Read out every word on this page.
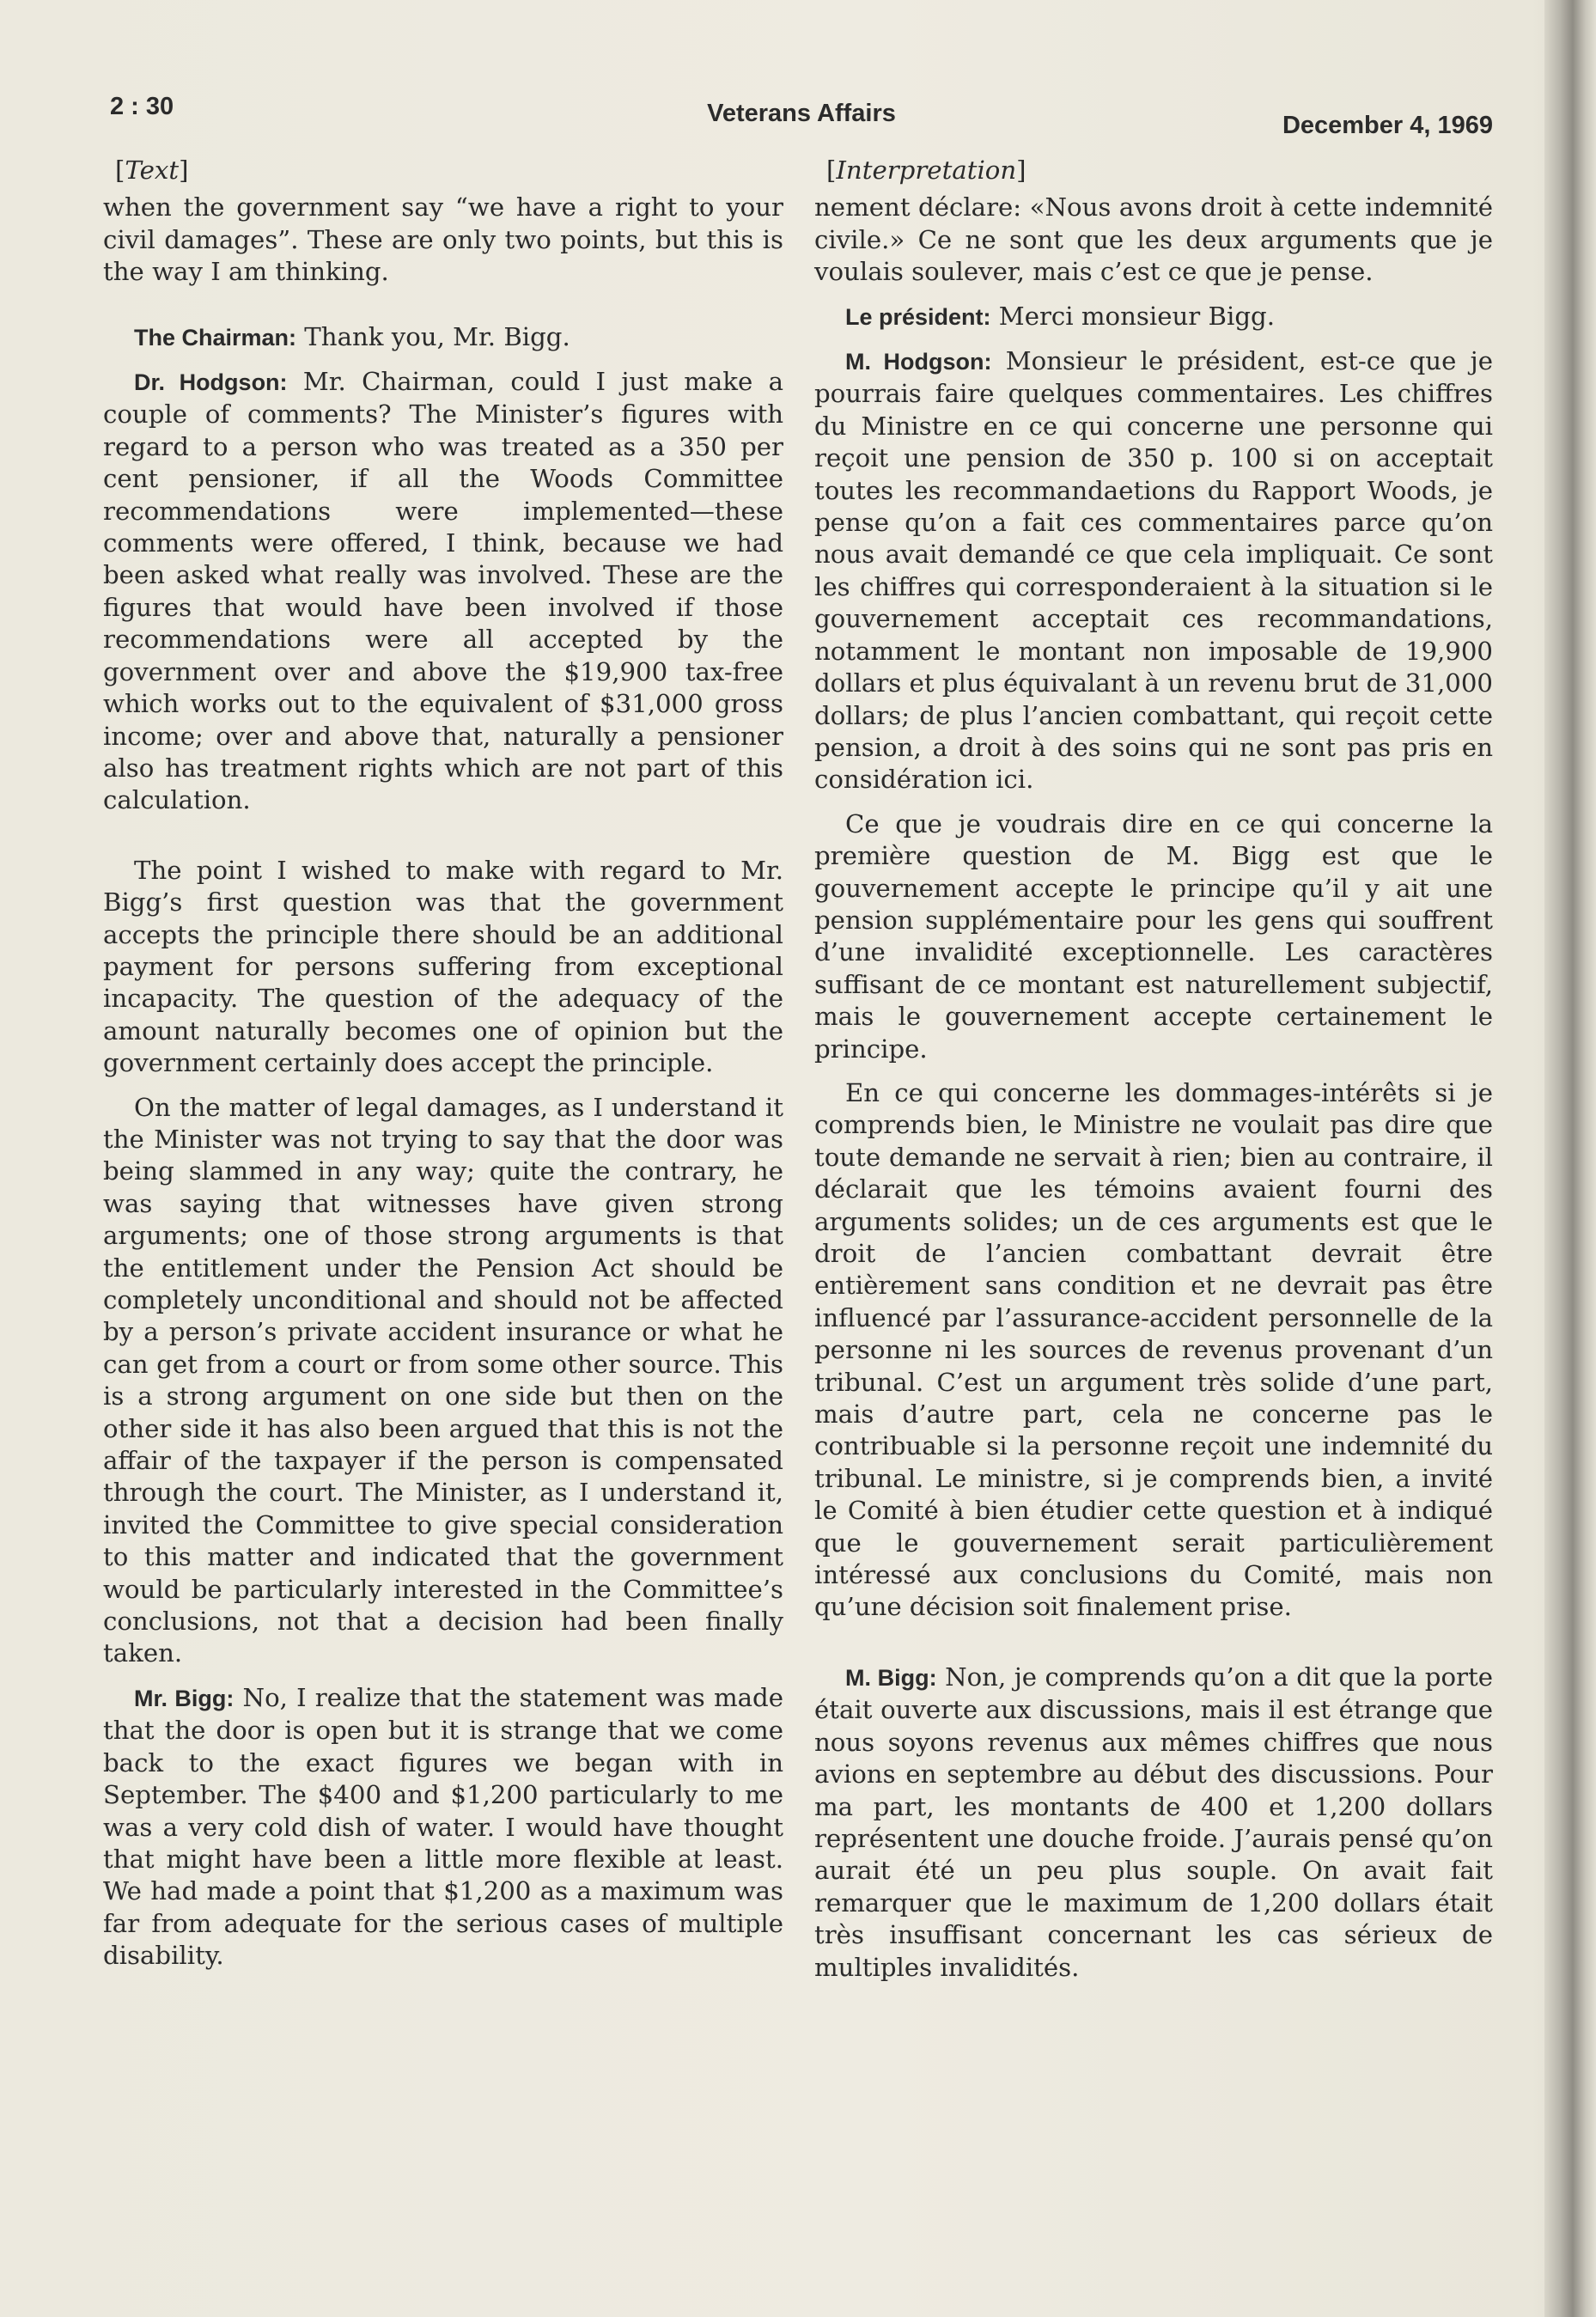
2 : 30	Veterans Affairs	December 4, 1969
[Text]

when the government say “we have a right to your civil damages”. These are only two points, but this is the way I am thinking.

The Chairman: Thank you, Mr. Bigg.

Dr. Hodgson: Mr. Chairman, could I just make a couple of comments? The Minister’s figures with regard to a person who was treated as a 350 per cent pensioner, if all the Woods Committee recommendations were implemented—these comments were offered, I think, because we had been asked what really was involved. These are the figures that would have been involved if those recommendations were all accepted by the government over and above the $19,900 tax-free which works out to the equivalent of $31,000 gross income; over and above that, naturally a pensioner also has treatment rights which are not part of this calculation.

The point I wished to make with regard to Mr. Bigg’s first question was that the government accepts the principle there should be an additional payment for persons suffering from exceptional incapacity. The question of the adequacy of the amount naturally becomes one of opinion but the government certainly does accept the principle.

On the matter of legal damages, as I understand it the Minister was not trying to say that the door was being slammed in any way; quite the contrary, he was saying that witnesses have given strong arguments; one of those strong arguments is that the entitlement under the Pension Act should be completely unconditional and should not be affected by a person’s private accident insurance or what he can get from a court or from some other source. This is a strong argument on one side but then on the other side it has also been argued that this is not the affair of the taxpayer if the person is compensated through the court. The Minister, as I understand it, invited the Committee to give special consideration to this matter and indicated that the government would be particularly interested in the Committee’s conclusions, not that a decision had been finally taken.

Mr. Bigg: No, I realize that the statement was made that the door is open but it is strange that we come back to the exact figures we began with in September. The $400 and $1,200 particularly to me was a very cold dish of water. I would have thought that might have been a little more flexible at least. We had made a point that $1,200 as a maximum was far from adequate for the serious cases of multiple disability.

[Interpretation]

nement déclare: «Nous avons droit à cette indemnité civile.» Ce ne sont que les deux arguments que je voulais soulever, mais c’est ce que je pense.

Le président: Merci monsieur Bigg.

M. Hodgson: Monsieur le président, est-ce que je pourrais faire quelques commentaires. Les chiffres du Ministre en ce qui concerne une personne qui reçoit une pension de 350 p. 100 si on acceptait toutes les recommandaetions du Rapport Woods, je pense qu’on a fait ces commentaires parce qu’on nous avait demandé ce que cela impliquait. Ce sont les chiffres qui corresponderaient à la situation si le gouvernement acceptait ces recommandations, notamment le montant non imposable de 19,900 dollars et plus équivalant à un revenu brut de 31,000 dollars; de plus l’ancien combattant, qui reçoit cette pension, a droit à des soins qui ne sont pas pris en considération ici.

Ce que je voudrais dire en ce qui concerne la première question de M. Bigg est que le gouvernement accepte le principe qu’il y ait une pension supplémentaire pour les gens qui souffrent d’une invalidité exceptionnelle. Les caractères suffisant de ce montant est naturellement subjectif, mais le gouvernement accepte certainement le principe.

En ce qui concerne les dommages-intérêts si je comprends bien, le Ministre ne voulait pas dire que toute demande ne servait à rien; bien au contraire, il déclarait que les témoins avaient fourni des arguments solides; un de ces arguments est que le droit de l’ancien combattant devrait être entièrement sans condition et ne devrait pas être influencé par l’assurance-accident personnelle de la personne ni les sources de revenus provenant d’un tribunal. C’est un argument très solide d’une part, mais d’autre part, cela ne concerne pas le contribuable si la personne reçoit une indemnité du tribunal. Le ministre, si je comprends bien, a invité le Comité à bien étudier cette question et à indiqué que le gouvernement serait particulièrement intéressé aux conclusions du Comité, mais non qu’une décision soit finalement prise.

M. Bigg: Non, je comprends qu’on a dit que la porte était ouverte aux discussions, mais il est étrange que nous soyons revenus aux mêmes chiffres que nous avions en septembre au début des discussions. Pour ma part, les montants de 400 et 1,200 dollars représentent une douche froide. J’aurais pensé qu’on aurait été un peu plus souple. On avait fait remarquer que le maximum de 1,200 dollars était très insuffisant concernant les cas sérieux de multiples invalidités.
